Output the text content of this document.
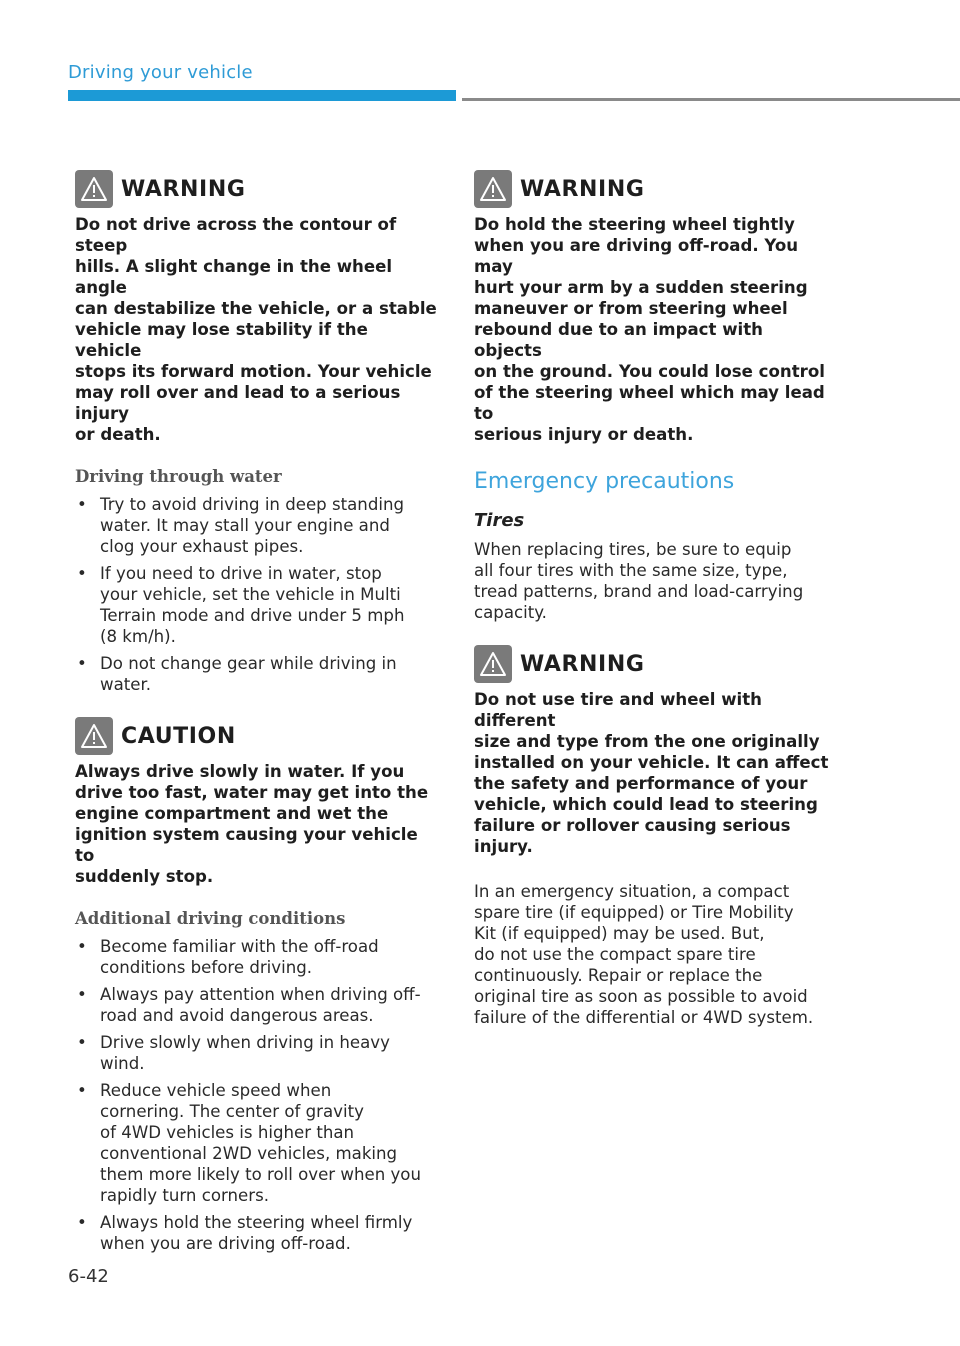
Driving your vehicle
WARNING
Do not drive across the contour of steep
hills. A slight change in the wheel angle
can destabilize the vehicle, or a stable
vehicle may lose stability if the vehicle
stops its forward motion. Your vehicle
may roll over and lead to a serious injury
or death.
Driving through water
• Try to avoid driving in deep standing
water. It may stall your engine and
clog your exhaust pipes.
• If you need to drive in water, stop
your vehicle, set the vehicle in Multi
Terrain mode and drive under 5 mph
(8 km/h).
• Do not change gear while driving in
water.
CAUTION
Always drive slowly in water. If you
drive too fast, water may get into the
engine compartment and wet the
ignition system causing your vehicle to
suddenly stop.
Additional driving conditions
• Become familiar with the off-road
conditions before driving.
• Always pay attention when driving off-
road and avoid dangerous areas.
• Drive slowly when driving in heavy
wind.
• Reduce vehicle speed when
cornering. The center of gravity
of 4WD vehicles is higher than
conventional 2WD vehicles, making
them more likely to roll over when you
rapidly turn corners.
• Always hold the steering wheel firmly
when you are driving off-road.
WARNING
Do hold the steering wheel tightly
when you are driving off-road. You may
hurt your arm by a sudden steering
maneuver or from steering wheel
rebound due to an impact with objects
on the ground. You could lose control
of the steering wheel which may lead to
serious injury or death.
Emergency precautions
Tires
When replacing tires, be sure to equip
all four tires with the same size, type,
tread patterns, brand and load-carrying
capacity.
WARNING
Do not use tire and wheel with different
size and type from the one originally
installed on your vehicle. It can affect
the safety and performance of your
vehicle, which could lead to steering
failure or rollover causing serious injury.
In an emergency situation, a compact
spare tire (if equipped) or Tire Mobility
Kit (if equipped) may be used. But,
do not use the compact spare tire
continuously. Repair or replace the
original tire as soon as possible to avoid
failure of the differential or 4WD system.
6-42
